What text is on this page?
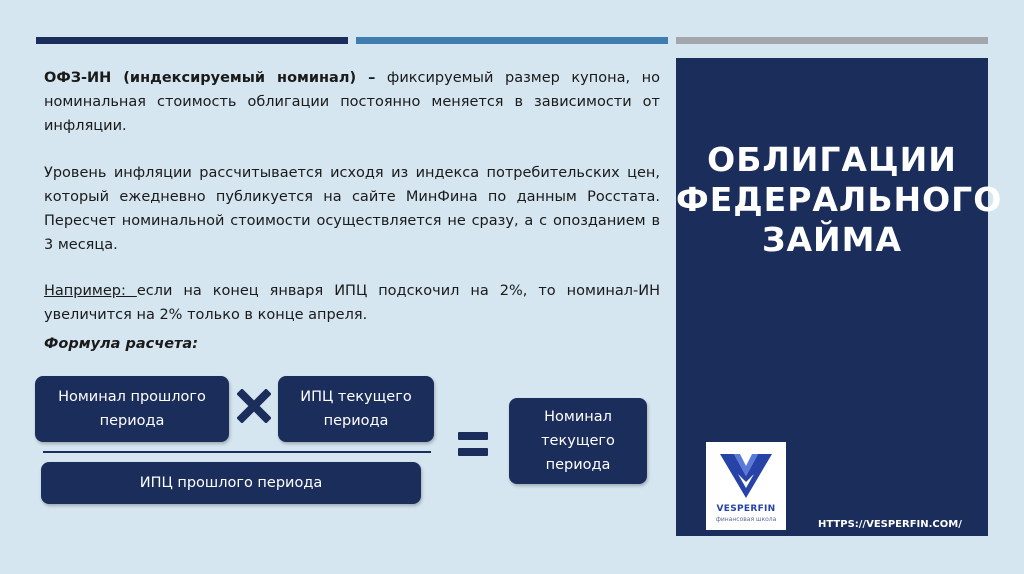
ОФЗ-ИН (индексируемый номинал) – фиксируемый размер купона, но номинальная стоимость облигации постоянно меняется в зависимости от инфляции.
Уровень инфляции рассчитывается исходя из индекса потребительских цен, который ежедневно публикуется на сайте МинФина по данным Росстата. Пересчет номинальной стоимости осуществляется не сразу, а с опозданием в 3 месяца.
Например: если на конец января ИПЦ подскочил на 2%, то номинал-ИН увеличится на 2% только в конце апреля.
Формула расчета:
Номинал прошлого периода
ИПЦ текущего периода
ИПЦ прошлого периода
Номинал текущего периода
ОБЛИГАЦИИ ФЕДЕРАЛЬНОГО ЗАЙМА
VESPERFIN
финансовая школа	HTTPS://VESPERFIN.COM/
